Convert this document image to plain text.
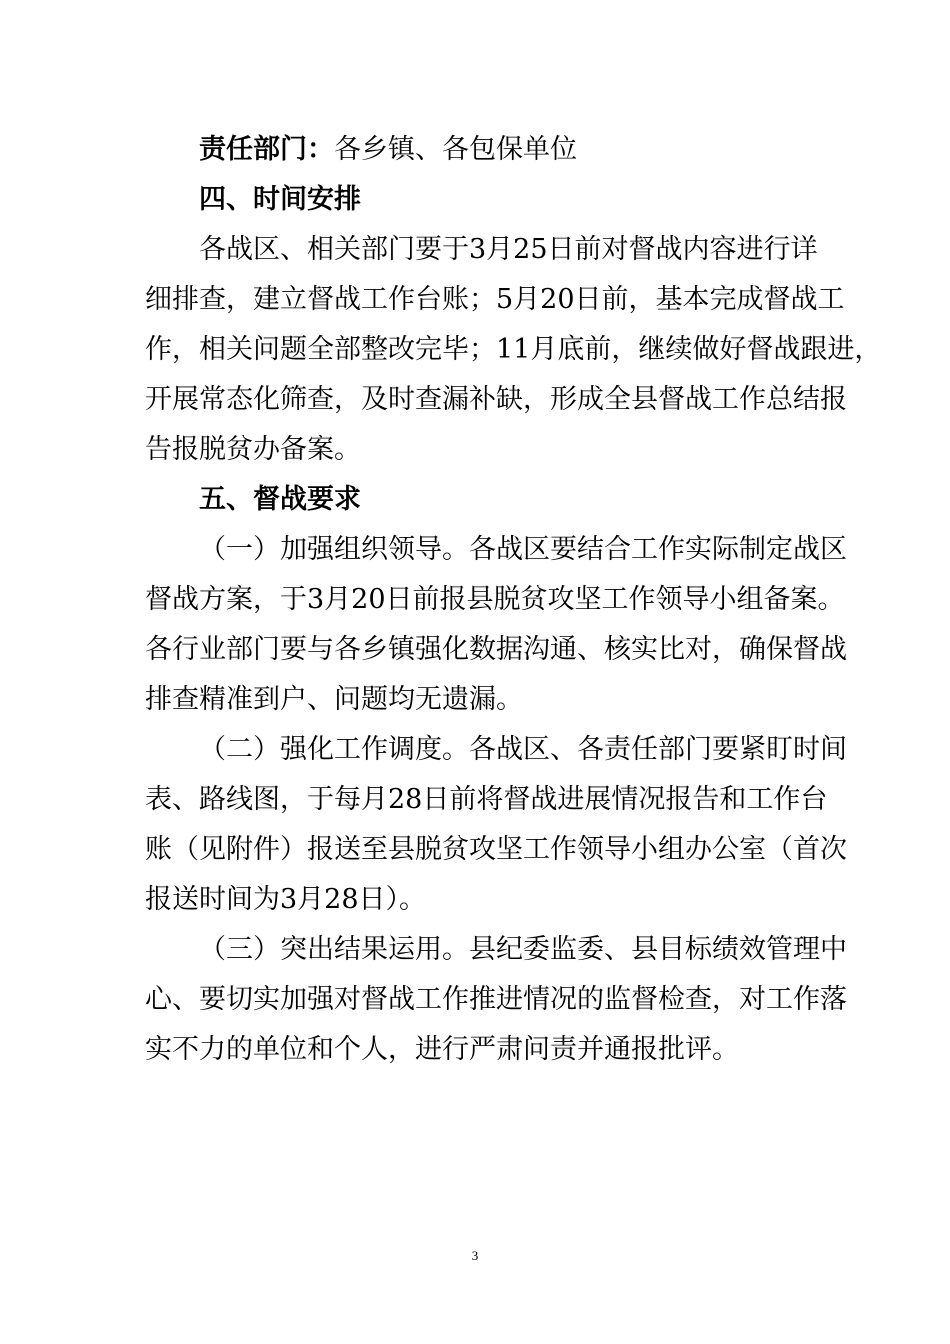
责任部门：各乡镇、各包保单位
四、时间安排
各战区、相关部门要于3月25日前对督战内容进行详
细排查，建立督战工作台账；5月20日前，基本完成督战工
作，相关问题全部整改完毕；11月底前，继续做好督战跟进，
开展常态化筛查，及时查漏补缺，形成全县督战工作总结报
告报脱贫办备案。
五、督战要求
（一）加强组织领导。各战区要结合工作实际制定战区
督战方案，于3月20日前报县脱贫攻坚工作领导小组备案。
各行业部门要与各乡镇强化数据沟通、核实比对，确保督战
排查精准到户、问题均无遗漏。
（二）强化工作调度。各战区、各责任部门要紧盯时间
表、路线图，于每月28日前将督战进展情况报告和工作台
账（见附件）报送至县脱贫攻坚工作领导小组办公室（首次
报送时间为3月28日）。
（三）突出结果运用。县纪委监委、县目标绩效管理中
心、要切实加强对督战工作推进情况的监督检查，对工作落
实不力的单位和个人，进行严肃问责并通报批评。
3
